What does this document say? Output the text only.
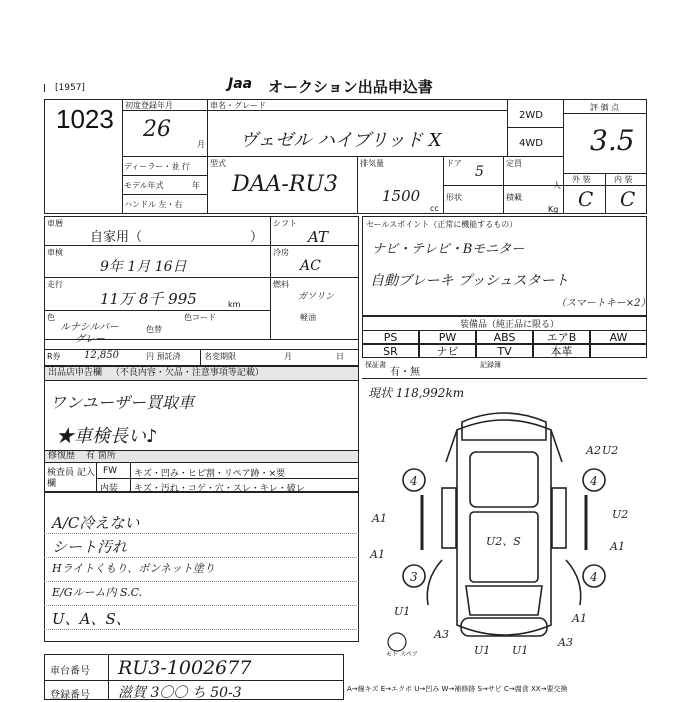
[1957]	Jaa オークション出品申込書
1023 初度登録年月
26
月
車名・グレード
ヴェゼル ハイブリッド X
2WD
4WD
評 価 点
3.5
ディーラー・並 行
モデル年式	年
ハンドル 左・右
型式
DAA-RU3
排気量
1500
cc
ドア
5
形状
定員
人
積載
Kg
外 装	内 装
C C
車暦
自家用（	）
車検
9年 1月 16日
走行
11万 8千 995	km
色
ルナシルバー
グレー
色替
色コード
シフト
AT
冷房
AC
燃料
ガソリン
軽油
R券 12,850	円 預託済	名変期限	月	日
セールスポイント（正常に機能するもの）
ナビ・テレビ・Bモニター
自動ブレーキ プッシュスタート
（スマートキー×2）
装備品（純正品に限る）
PS	PW	ABS	エアB	AW
SR	ナビ	TV	本革
保証書
有・無
記録簿
現状 118,992km
出品店申告欄 （不良内容・欠品・注意事項等記載）
ワンユーザー買取車
★車検長い♪
修復歴 有 箇所
検査員 記入欄
FW キズ・凹み・ヒビ割・リペア跡・×要
内装 キズ・汚れ・コゲ・穴・スレ・キレ・破レ
A/C冷えない
シート汚れ
Hライトくもり、ボンネット塗り
E/Gルーム内 S.C.
U、A、S、
4	4
3	4
A2
A1	U2
A1
U2、S
A1
U1
A3
U1 U1
A3
U2
A1
モト スペア
車台番号 RU3-1002677
登録番号 滋賀 3〇〇 ち 50-3	A→線キズ E→エクボ U→凹み W→補修跡 S→サビ C→腐食 XX→要交換
